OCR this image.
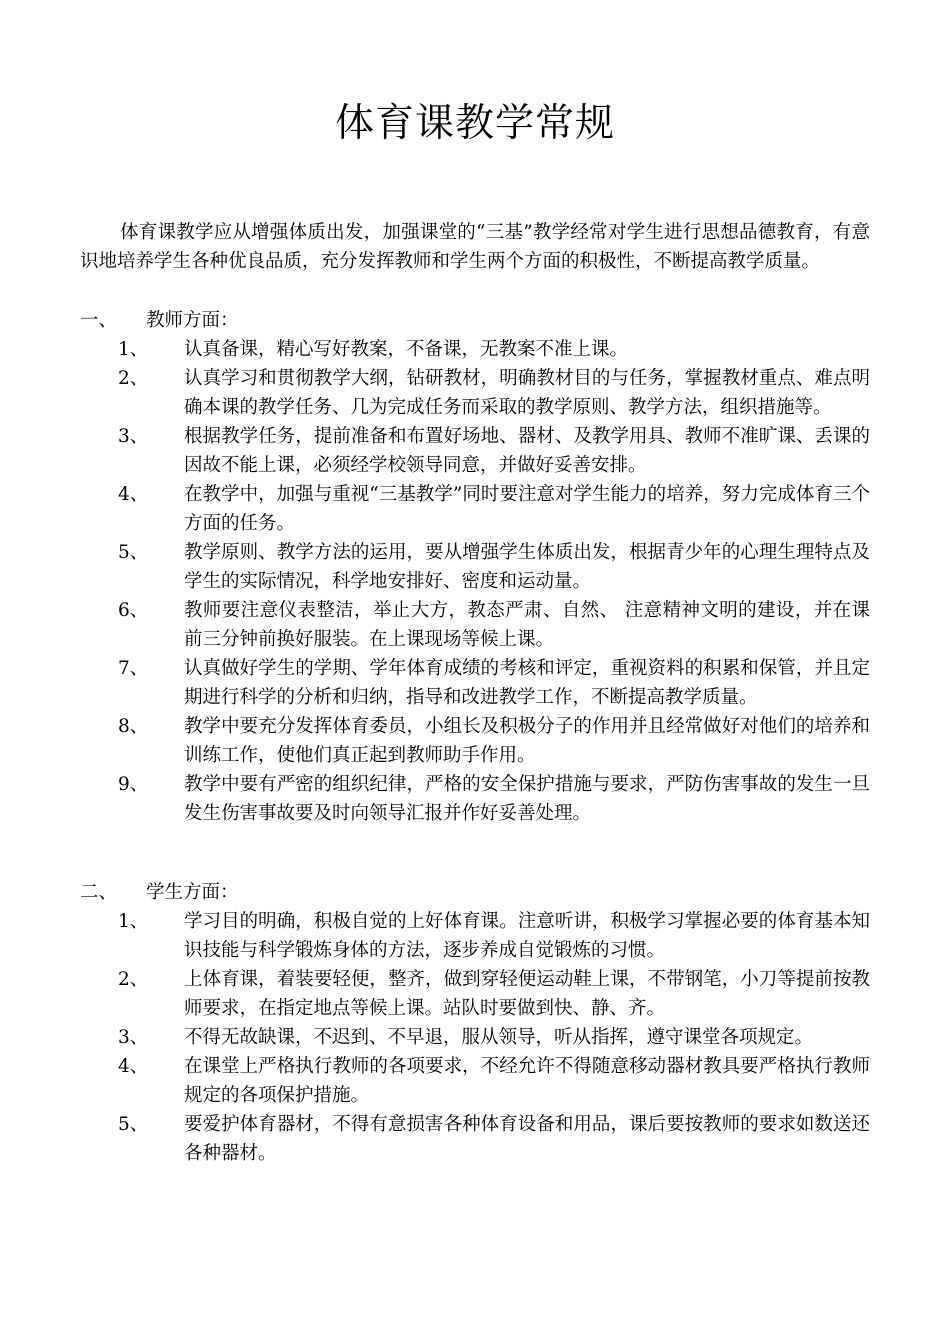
体育课教学常规
体育课教学应从增强体质出发，加强课堂的“三基”教学经常对学生进行思想品德教育，有意识地培养学生各种优良品质，充分发挥教师和学生两个方面的积极性，不断提高教学质量。
一、 教师方面：
1、	认真备课，精心写好教案，不备课，无教案不准上课。
2、	认真学习和贯彻教学大纲，钻研教材，明确教材目的与任务，掌握教材重点、难点明确本课的教学任务、几为完成任务而采取的教学原则、教学方法，组织措施等。
3、	根据教学任务，提前准备和布置好场地、器材、及教学用具、教师不准旷课、丢课的因故不能上课，必须经学校领导同意，并做好妥善安排。
4、	在教学中，加强与重视“三基教学”同时要注意对学生能力的培养，努力完成体育三个方面的任务。
5、	教学原则、教学方法的运用，要从增强学生体质出发，根据青少年的心理生理特点及学生的实际情况，科学地安排好、密度和运动量。
6、	教师要注意仪表整洁，举止大方，教态严肃、自然、 注意精神文明的建设，并在课前三分钟前换好服装。在上课现场等候上课。
7、	认真做好学生的学期、学年体育成绩的考核和评定，重视资料的积累和保管，并且定期进行科学的分析和归纳，指导和改进教学工作，不断提高教学质量。
8、	教学中要充分发挥体育委员，小组长及积极分子的作用并且经常做好对他们的培养和训练工作，使他们真正起到教师助手作用。
9、	教学中要有严密的组织纪律，严格的安全保护措施与要求，严防伤害事故的发生一旦发生伤害事故要及时向领导汇报并作好妥善处理。
二、 学生方面：
1、	学习目的明确，积极自觉的上好体育课。注意听讲，积极学习掌握必要的体育基本知识技能与科学锻炼身体的方法，逐步养成自觉锻炼的习惯。
2、	上体育课，着装要轻便，整齐，做到穿轻便运动鞋上课，不带钢笔，小刀等提前按教师要求，在指定地点等候上课。站队时要做到快、静、齐。
3、	不得无故缺课，不迟到、不早退，服从领导，听从指挥，遵守课堂各项规定。
4、	在课堂上严格执行教师的各项要求，不经允许不得随意移动器材教具要严格执行教师规定的各项保护措施。
5、	要爱护体育器材，不得有意损害各种体育设备和用品，课后要按教师的要求如数送还各种器材。
